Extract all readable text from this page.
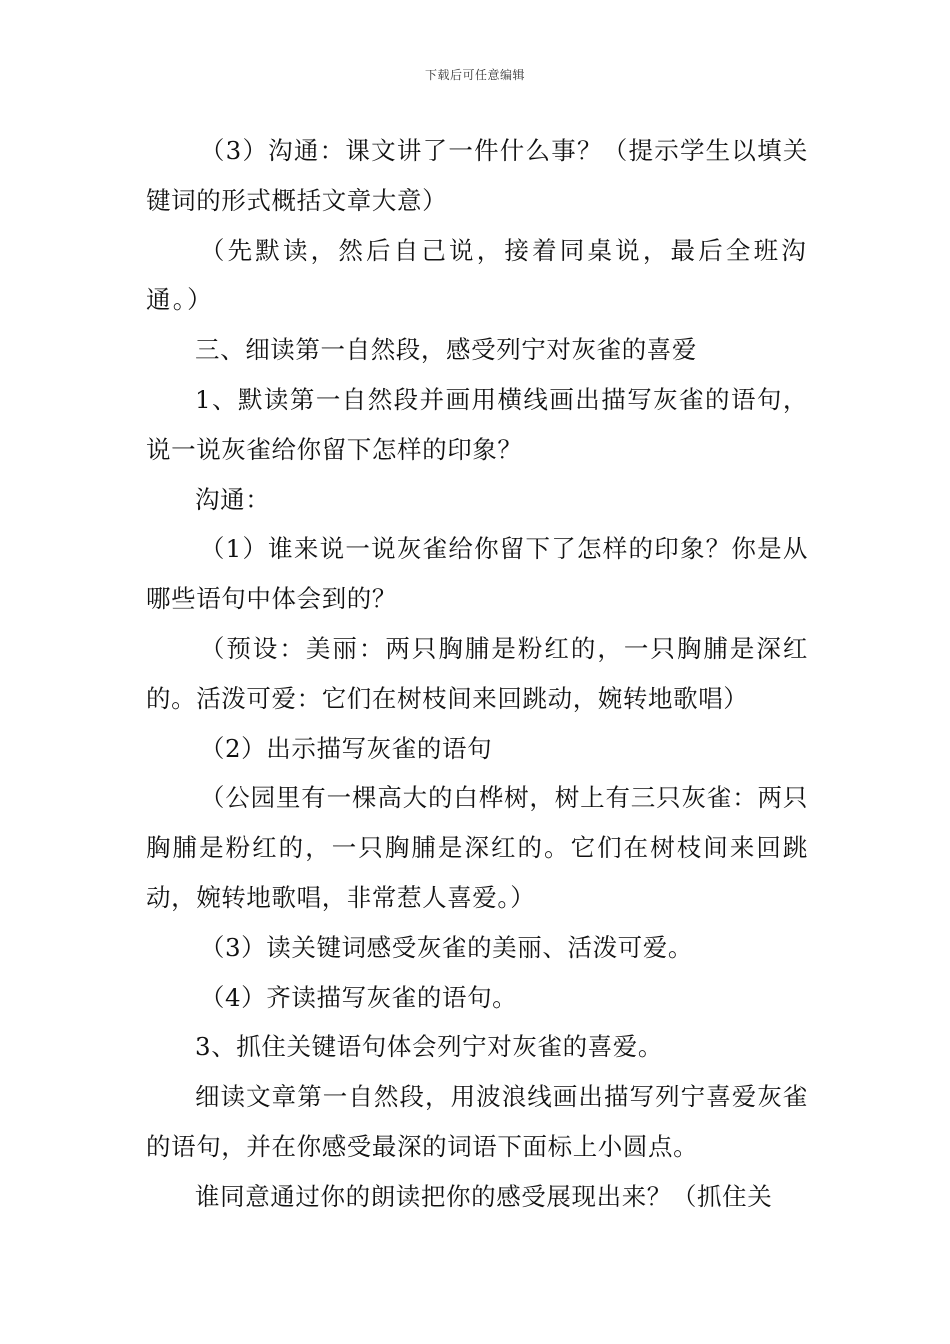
下载后可任意编辑

（3）沟通：课文讲了一件什么事？（提示学生以填关键词的形式概括文章大意）

（先默读，然后自己说，接着同桌说，最后全班沟通。）

三、细读第一自然段，感受列宁对灰雀的喜爱

1、默读第一自然段并画用横线画出描写灰雀的语句，说一说灰雀给你留下怎样的印象？

沟通：

（1）谁来说一说灰雀给你留下了怎样的印象？你是从哪些语句中体会到的？

（预设：美丽：两只胸脯是粉红的，一只胸脯是深红的。活泼可爱：它们在树枝间来回跳动，婉转地歌唱）

（2）出示描写灰雀的语句

（公园里有一棵高大的白桦树，树上有三只灰雀：两只胸脯是粉红的，一只胸脯是深红的。它们在树枝间来回跳动，婉转地歌唱，非常惹人喜爱。）

（3）读关键词感受灰雀的美丽、活泼可爱。

（4）齐读描写灰雀的语句。

3、抓住关键语句体会列宁对灰雀的喜爱。

细读文章第一自然段，用波浪线画出描写列宁喜爱灰雀的语句，并在你感受最深的词语下面标上小圆点。

谁同意通过你的朗读把你的感受展现出来？（抓住关
